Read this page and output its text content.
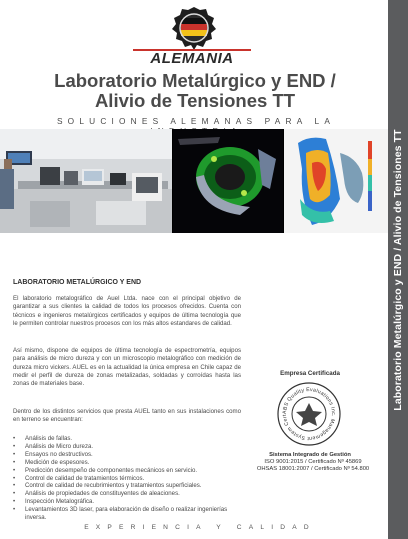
Laboratorio Metalúrgico y END / Alivio de Tensiones TT
ALEMANIA
Laboratorio Metalúrgico y END /
Alivio de Tensiones TT
SOLUCIONES ALEMANAS PARA LA
LABORATORIO METALÚRGICO Y END
El laboratorio metalográfico de Auel Ltda. nace con el principal objetivo de garantizar a sus clientes la calidad de todos los procesos ofrecidos. Cuenta con técnicos e ingenieros metalúrgicos certificados y equipos de última tecnología que le permiten controlar nuestros procesos con los más altos estandares de calidad.
Así mismo, dispone de equipos de última tecnología de espectrometría, equipos para análisis de micro dureza y con un microscopio metalográfico con medición de dureza micro vickers. AUEL es en la actualidad la única empresa en Chile capaz de medir el perfil de dureza de zonas metalizadas, soldadas y corroídas hasta las zonas de materiales base.
Dentro de los distintos servicios que presta AUEL tanto en sus instalaciones como en terreno se encuentran:
• Análisis de fallas.
• Análisis de Micro dureza.
• Ensayos no destructivos.
• Medición de espesores.
• Predicción desempeño de componentes mecánicos en servicio.
• Control de calidad de tratamientos térmicos.
• Control de calidad de recubrimientos y tratamientos superficiales.
• Análisis de propiedades de constituyentes de aleaciones.
• Inspección Metalográfica.
• Levantamientos 3D laser, para elaboración de diseño o realizar ingenierías inversa.
Empresa Certificada
ABS Quality Evaluations Inc. Management System Cert
Sistema Integrado de Gestión
ISO 9001:2015 / Certificado Nº 45869
OHSAS 18001:2007 / Certificado Nº 54.800
EXPERIENCIA Y CALIDAD
